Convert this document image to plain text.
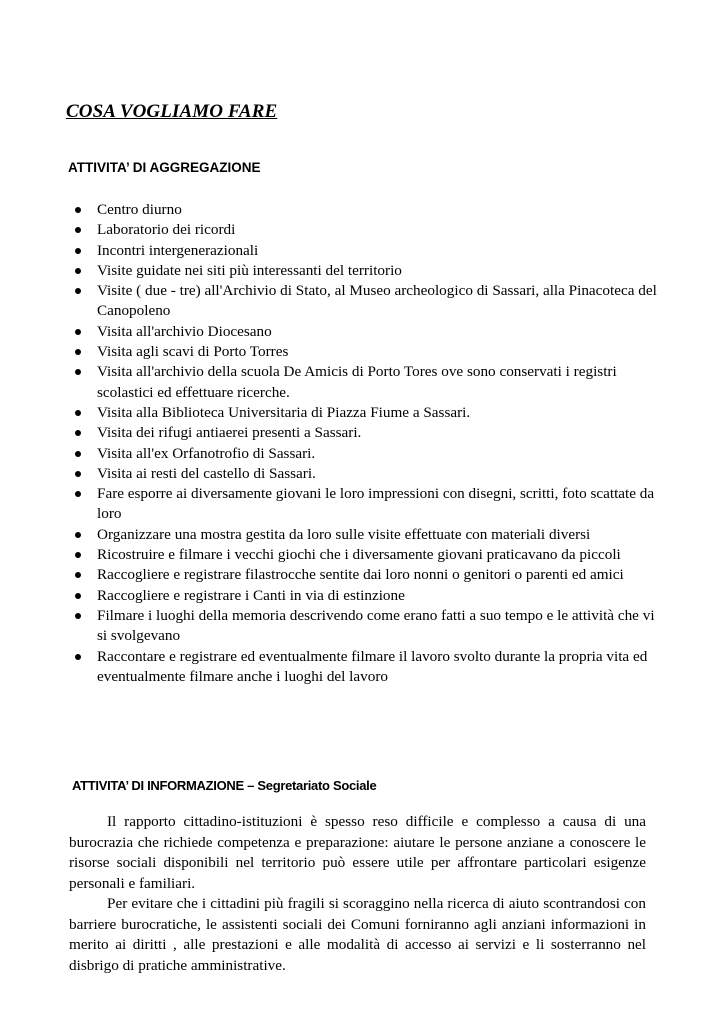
COSA VOGLIAMO FARE
ATTIVITA’ DI AGGREGAZIONE
Centro diurno
Laboratorio dei ricordi
Incontri intergenerazionali
Visite guidate nei siti più interessanti del territorio
Visite ( due - tre) all'Archivio di Stato, al Museo archeologico di Sassari, alla Pinacoteca del Canopoleno
Visita all'archivio Diocesano
Visita agli scavi di Porto Torres
Visita all'archivio della scuola De Amicis di Porto Tores ove sono conservati i registri scolastici ed effettuare ricerche.
Visita alla Biblioteca Universitaria di Piazza Fiume a Sassari.
Visita dei rifugi antiaerei presenti a Sassari.
Visita all'ex Orfanotrofio di Sassari.
Visita ai resti del castello di Sassari.
Fare esporre ai diversamente giovani le loro impressioni con disegni, scritti, foto scattate da loro
Organizzare una mostra gestita da loro sulle visite effettuate con materiali diversi
Ricostruire e filmare i vecchi giochi che i diversamente giovani praticavano da piccoli
Raccogliere e registrare filastrocche sentite dai loro nonni o genitori o parenti ed amici
Raccogliere e registrare i Canti in via di estinzione
Filmare i luoghi della memoria descrivendo come erano fatti a suo tempo e le attività che vi si svolgevano
Raccontare e registrare ed eventualmente filmare il lavoro svolto durante la propria vita ed eventualmente filmare anche i luoghi del lavoro
ATTIVITA’ DI INFORMAZIONE – Segretariato Sociale

Il rapporto cittadino-istituzioni è spesso reso difficile e complesso a causa di una burocrazia che richiede competenza e preparazione: aiutare le persone anziane a conoscere le risorse sociali disponibili nel territorio può essere utile per affrontare particolari esigenze personali e familiari.

Per evitare che i cittadini più fragili si scoraggino nella ricerca di aiuto scontrandosi con barriere burocratiche, le assistenti sociali dei Comuni forniranno agli anziani informazioni in merito ai diritti , alle prestazioni e alle modalità di accesso ai servizi e li sosterranno nel disbrigo di pratiche amministrative.
